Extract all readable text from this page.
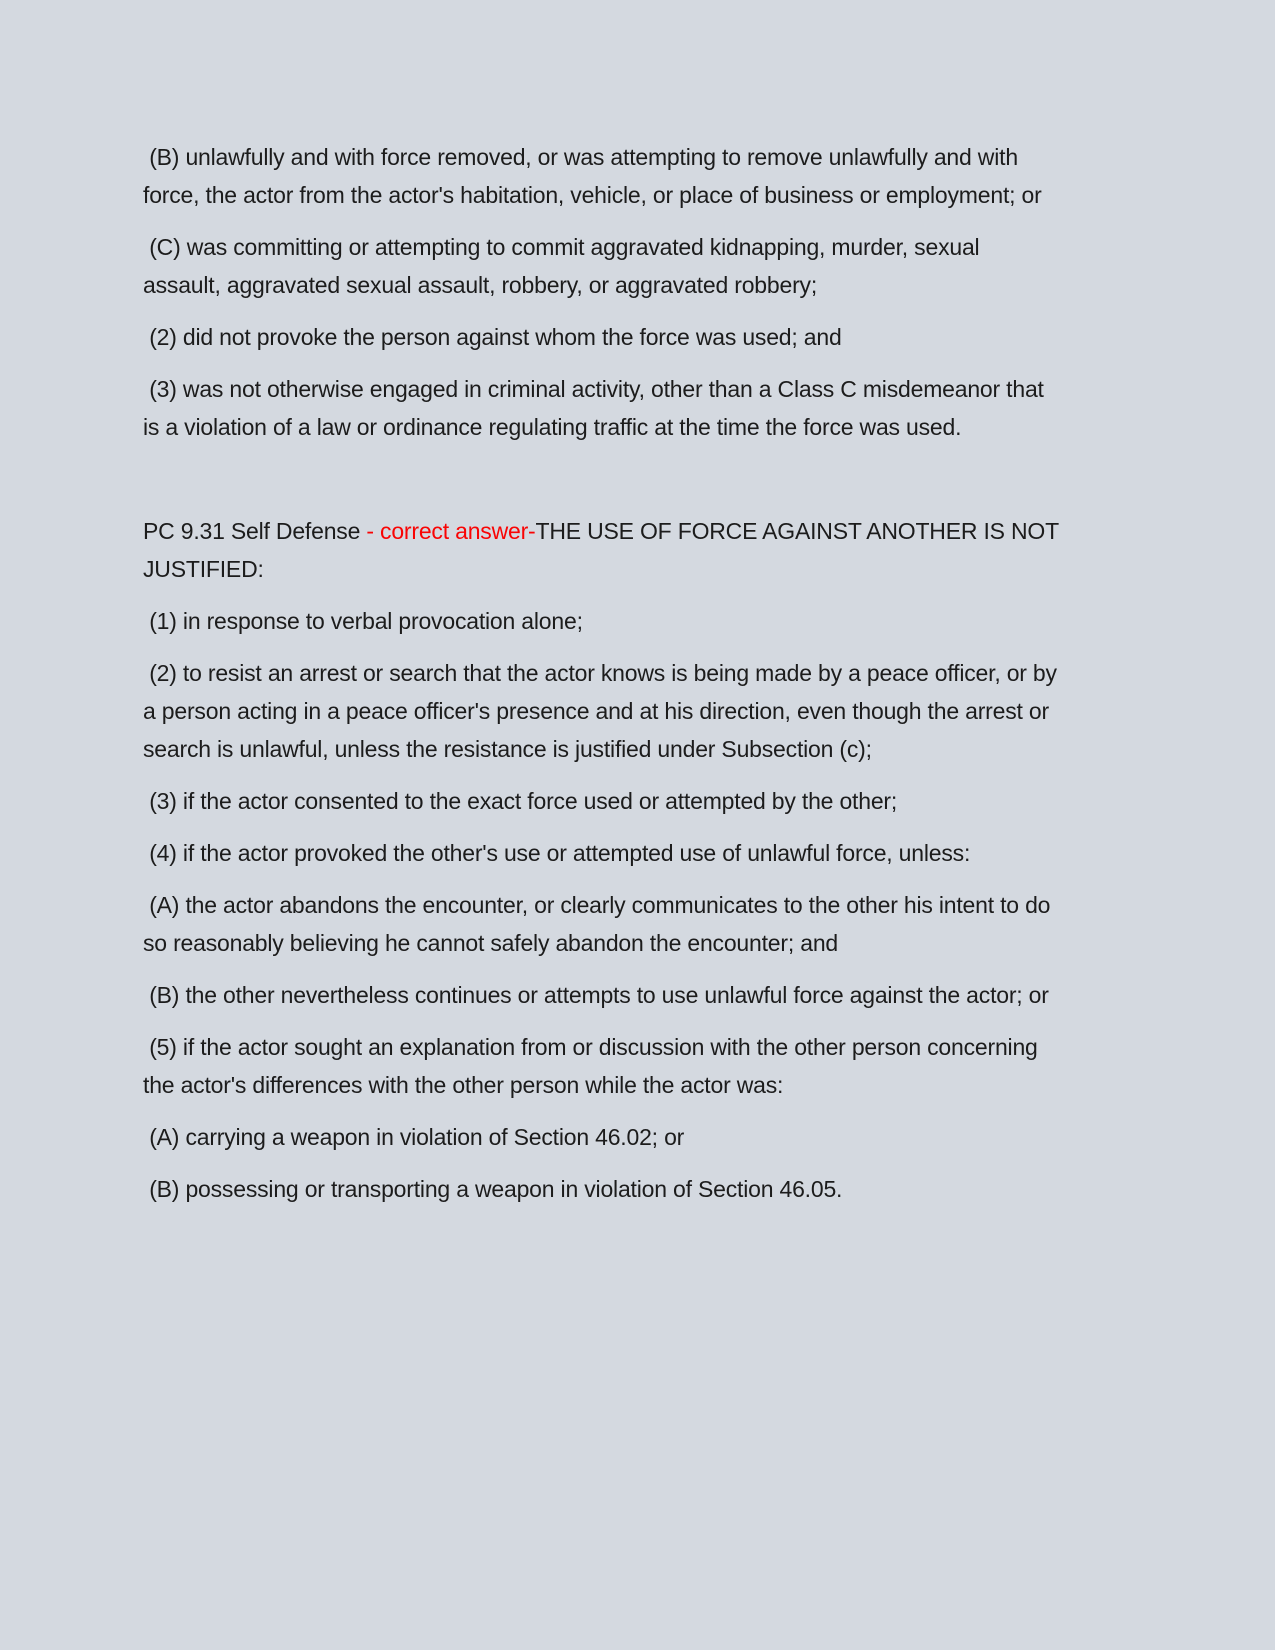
(B) unlawfully and with force removed, or was attempting to remove unlawfully and with force, the actor from the actor's habitation, vehicle, or place of business or employment; or

(C) was committing or attempting to commit aggravated kidnapping, murder, sexual assault, aggravated sexual assault, robbery, or aggravated robbery;

(2) did not provoke the person against whom the force was used; and

(3) was not otherwise engaged in criminal activity, other than a Class C misdemeanor that is a violation of a law or ordinance regulating traffic at the time the force was used.

PC 9.31 Self Defense - correct answer-THE USE OF FORCE AGAINST ANOTHER IS NOT JUSTIFIED:

(1) in response to verbal provocation alone;

(2) to resist an arrest or search that the actor knows is being made by a peace officer, or by a person acting in a peace officer's presence and at his direction, even though the arrest or search is unlawful, unless the resistance is justified under Subsection (c);

(3) if the actor consented to the exact force used or attempted by the other;

(4) if the actor provoked the other's use or attempted use of unlawful force, unless:

(A) the actor abandons the encounter, or clearly communicates to the other his intent to do so reasonably believing he cannot safely abandon the encounter; and

(B) the other nevertheless continues or attempts to use unlawful force against the actor; or

(5) if the actor sought an explanation from or discussion with the other person concerning the actor's differences with the other person while the actor was:

(A) carrying a weapon in violation of Section 46.02; or

(B) possessing or transporting a weapon in violation of Section 46.05.
